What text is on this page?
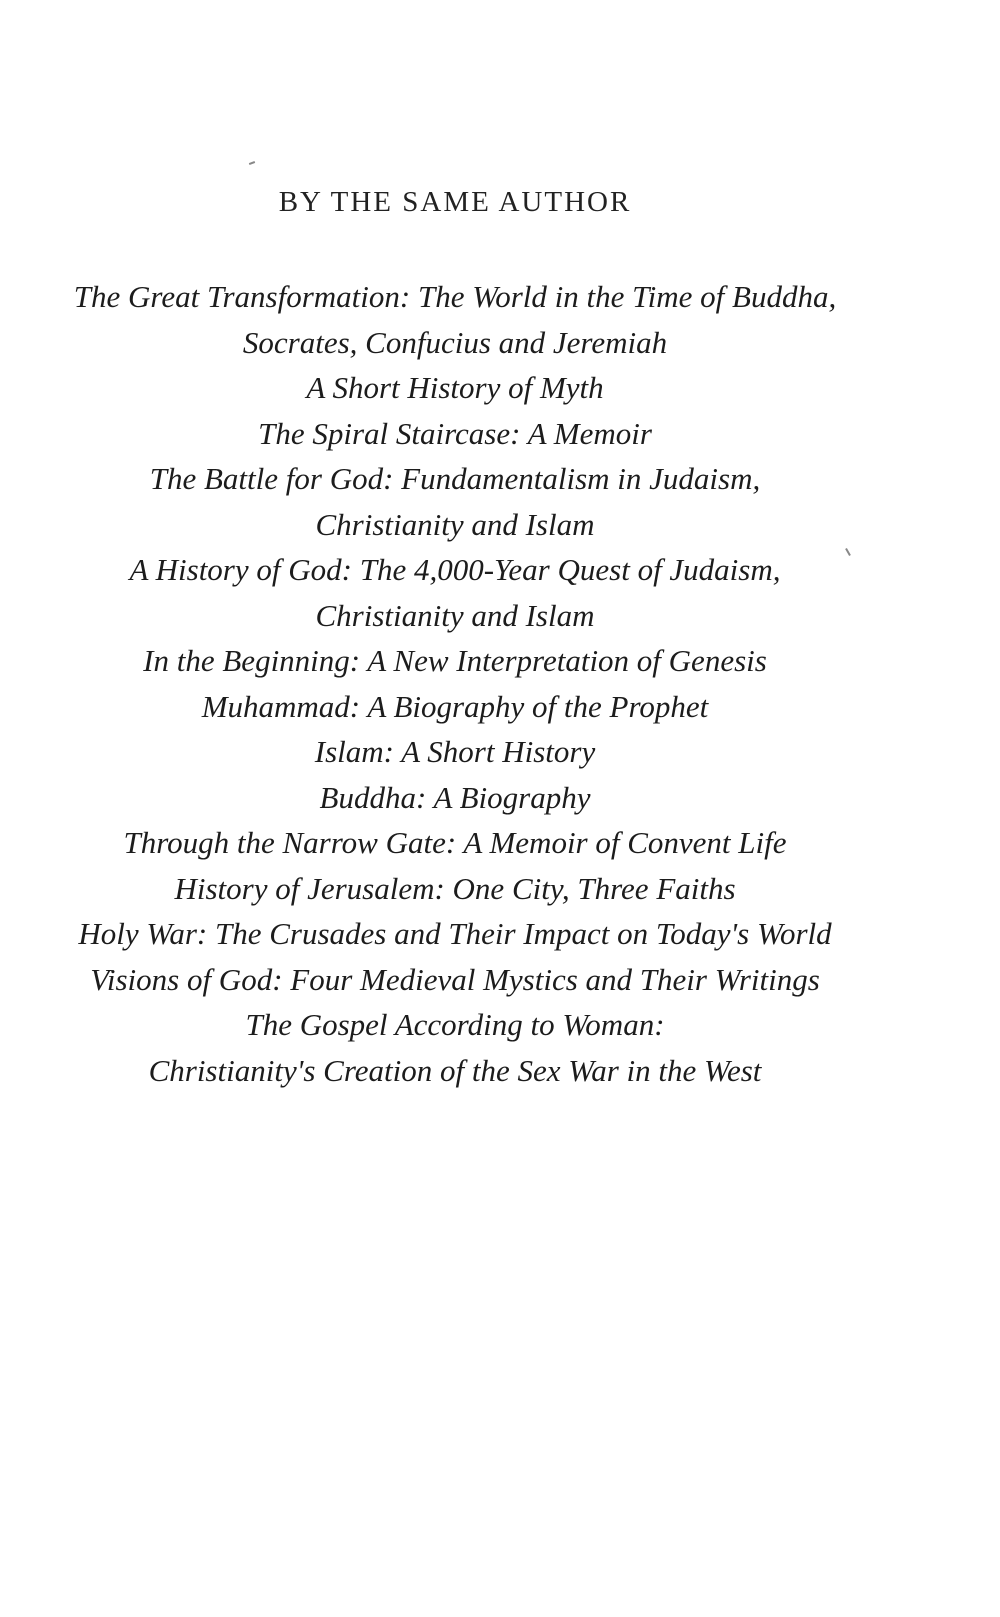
BY THE SAME AUTHOR
The Great Transformation: The World in the Time of Buddha,
Socrates, Confucius and Jeremiah
A Short History of Myth
The Spiral Staircase: A Memoir
The Battle for God: Fundamentalism in Judaism,
Christianity and Islam
A History of God: The 4,000-Year Quest of Judaism,
Christianity and Islam
In the Beginning: A New Interpretation of Genesis
Muhammad: A Biography of the Prophet
Islam: A Short History
Buddha: A Biography
Through the Narrow Gate: A Memoir of Convent Life
History of Jerusalem: One City, Three Faiths
Holy War: The Crusades and Their Impact on Today's World
Visions of God: Four Medieval Mystics and Their Writings
The Gospel According to Woman:
Christianity's Creation of the Sex War in the West
